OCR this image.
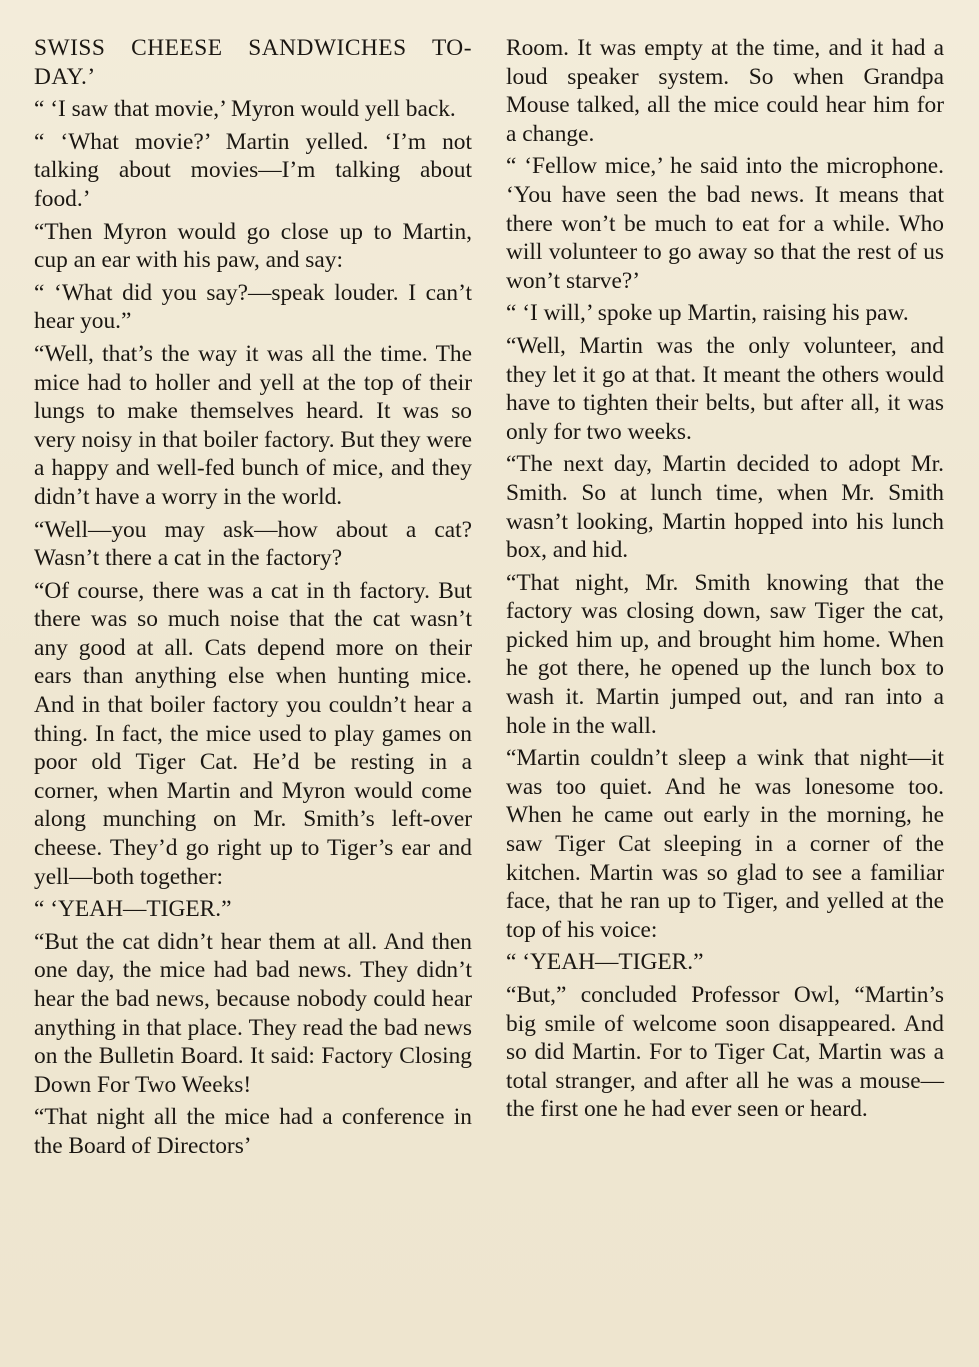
SWISS CHEESE SANDWICHES TO-DAY.’

“ ‘I saw that movie,’ Myron would yell back.

“ ‘What movie?’ Martin yelled. ‘I’m not talking about movies—I’m talking about food.’

“Then Myron would go close up to Martin, cup an ear with his paw, and say:

“ ‘What did you say?—speak louder. I can’t hear you.”

“Well, that’s the way it was all the time. The mice had to holler and yell at the top of their lungs to make themselves heard. It was so very noisy in that boiler factory. But they were a happy and well-fed bunch of mice, and they didn’t have a worry in the world.

“Well—you may ask—how about a cat? Wasn’t there a cat in the factory?

“Of course, there was a cat in th factory. But there was so much noise that the cat wasn’t any good at all. Cats depend more on their ears than anything else when hunting mice. And in that boiler factory you couldn’t hear a thing. In fact, the mice used to play games on poor old Tiger Cat. He’d be resting in a corner, when Martin and Myron would come along munching on Mr. Smith’s left-over cheese. They’d go right up to Tiger’s ear and yell—both together:

“ ‘YEAH—TIGER.”

“But the cat didn’t hear them at all. And then one day, the mice had bad news. They didn’t hear the bad news, because nobody could hear anything in that place. They read the bad news on the Bulletin Board. It said: Factory Closing Down For Two Weeks!

“That night all the mice had a conference in the Board of Directors’

Room. It was empty at the time, and it had a loud speaker system. So when Grandpa Mouse talked, all the mice could hear him for a change.

“ ‘Fellow mice,’ he said into the microphone. ‘You have seen the bad news. It means that there won’t be much to eat for a while. Who will volunteer to go away so that the rest of us won’t starve?’

“ ‘I will,’ spoke up Martin, raising his paw.

“Well, Martin was the only volunteer, and they let it go at that. It meant the others would have to tighten their belts, but after all, it was only for two weeks.

“The next day, Martin decided to adopt Mr. Smith. So at lunch time, when Mr. Smith wasn’t looking, Martin hopped into his lunch box, and hid.

“That night, Mr. Smith knowing that the factory was closing down, saw Tiger the cat, picked him up, and brought him home. When he got there, he opened up the lunch box to wash it. Martin jumped out, and ran into a hole in the wall.

“Martin couldn’t sleep a wink that night—it was too quiet. And he was lonesome too. When he came out early in the morning, he saw Tiger Cat sleeping in a corner of the kitchen. Martin was so glad to see a familiar face, that he ran up to Tiger, and yelled at the top of his voice:

“ ‘YEAH—TIGER.”

“But,” concluded Professor Owl, “Martin’s big smile of welcome soon disappeared. And so did Martin. For to Tiger Cat, Martin was a total stranger, and after all he was a mouse—the first one he had ever seen or heard.
